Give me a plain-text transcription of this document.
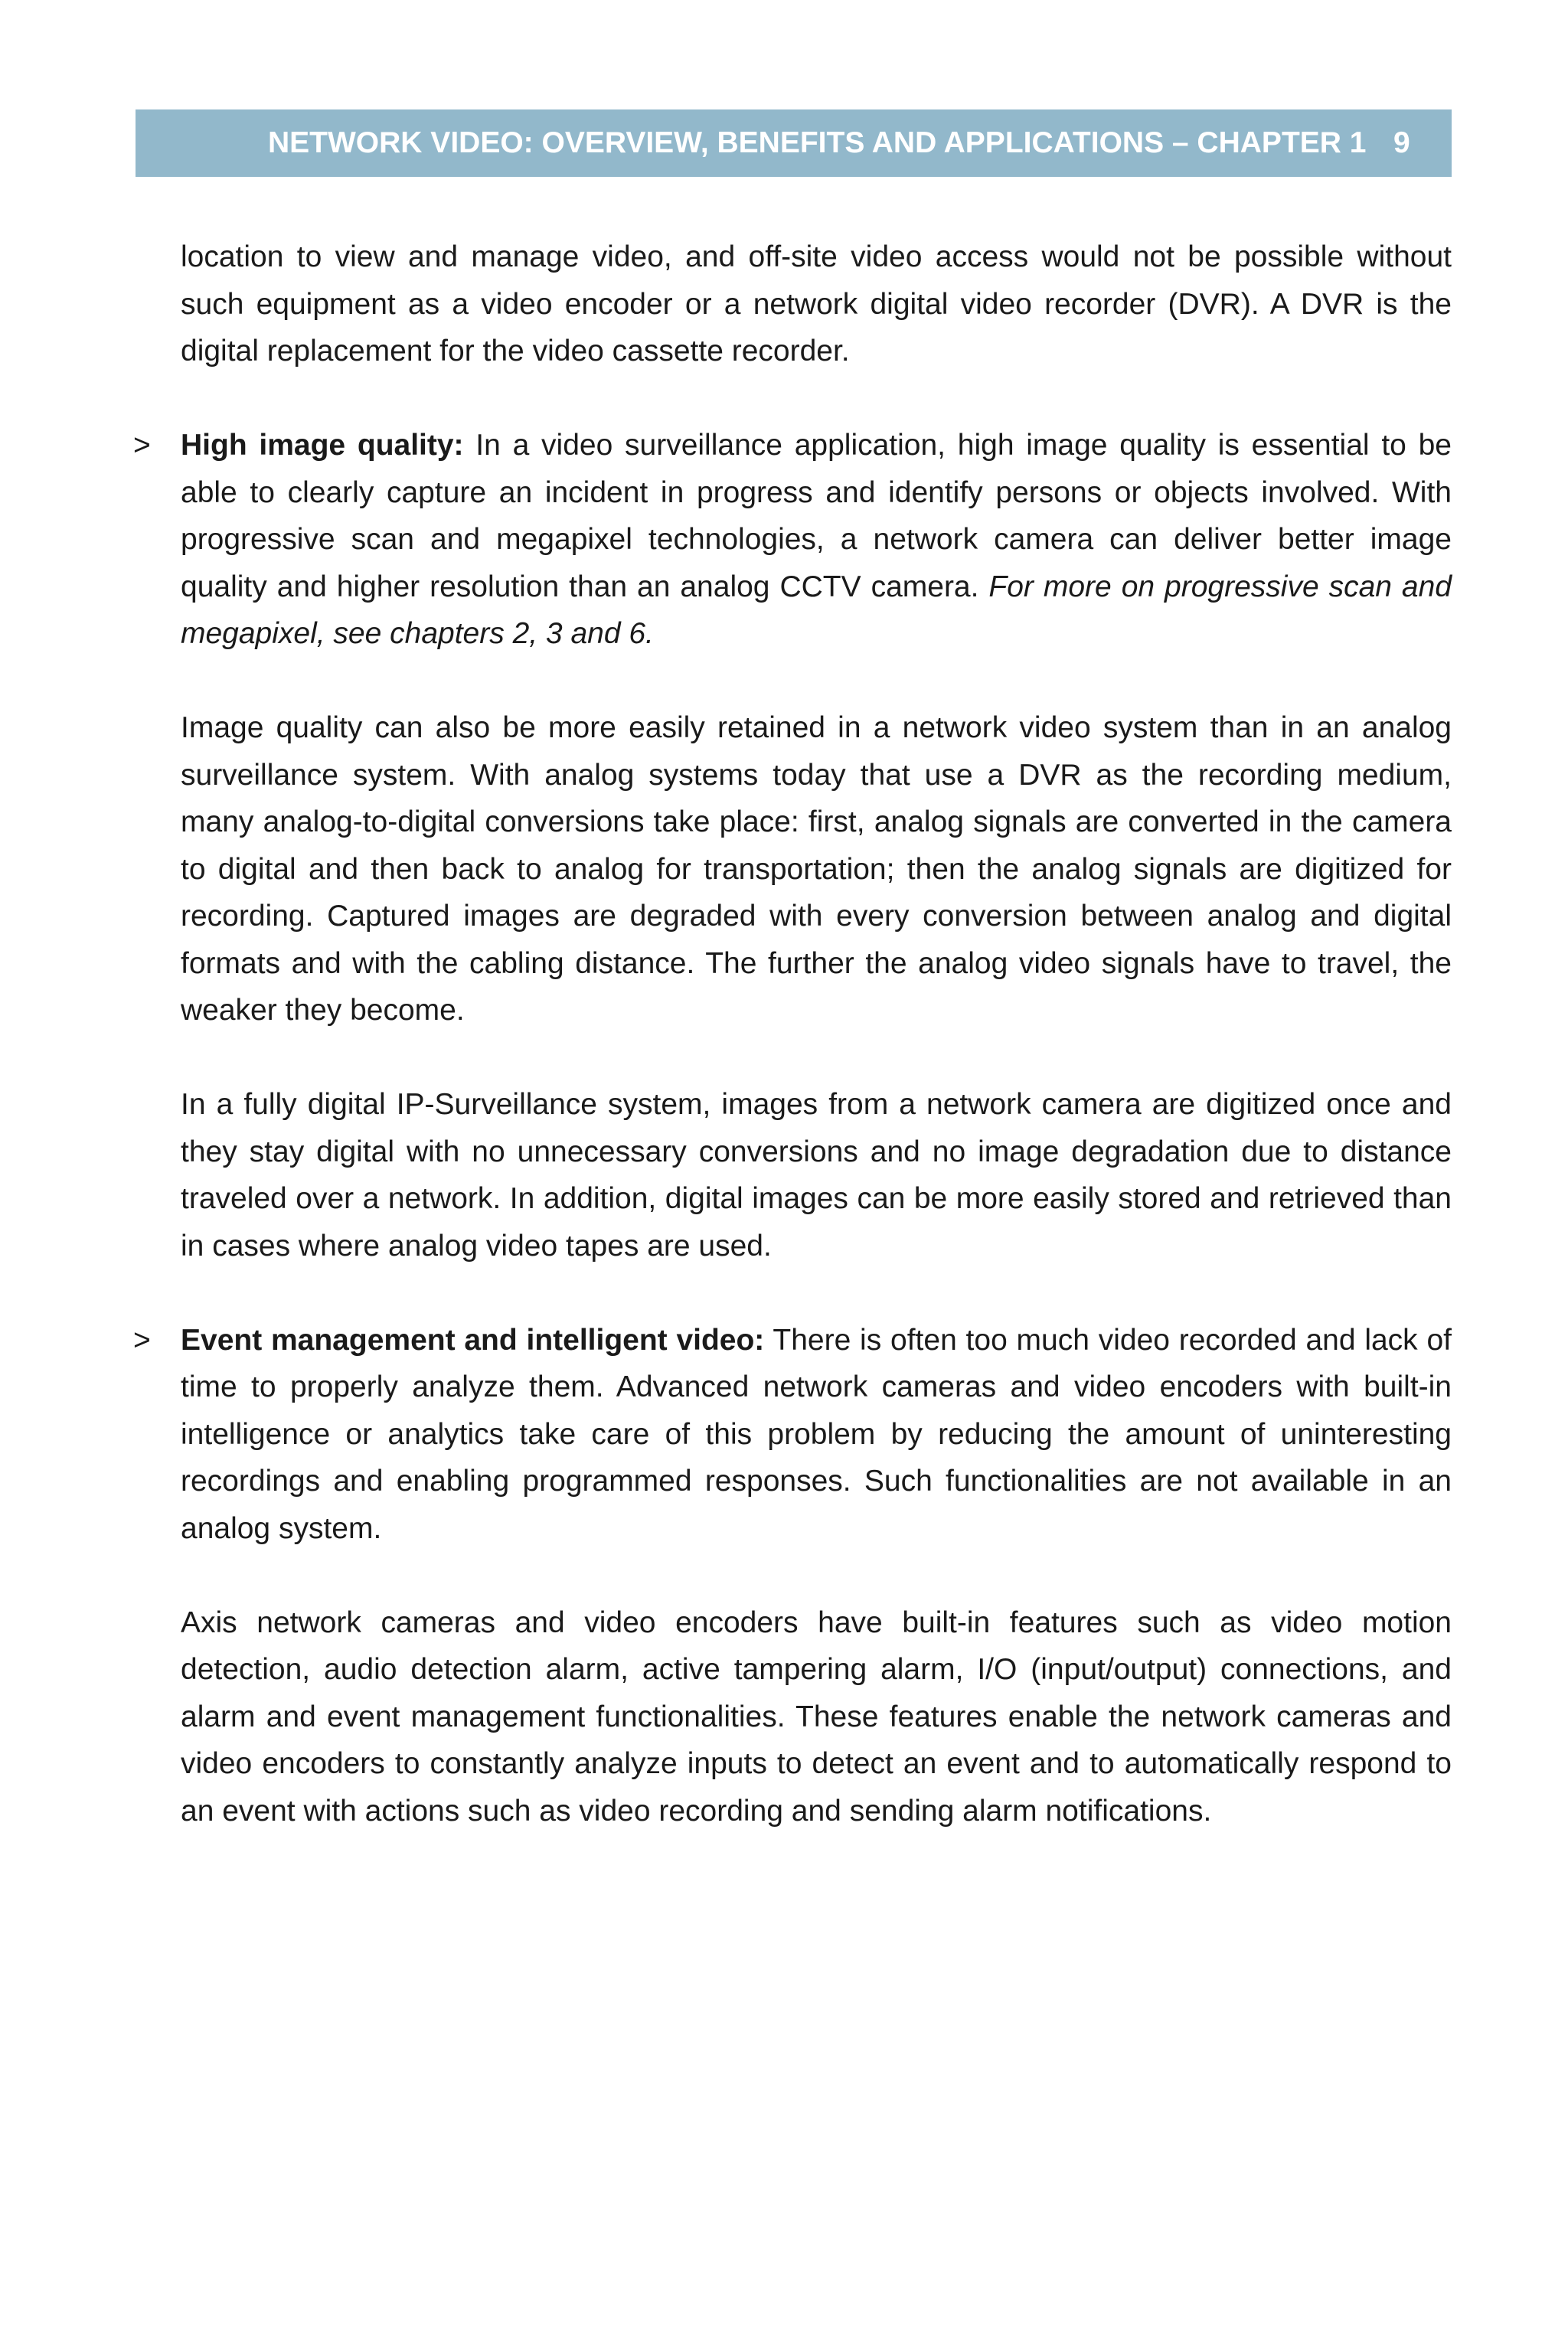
NETWORK VIDEO: OVERVIEW, BENEFITS AND APPLICATIONS – CHAPTER 1 9

location to view and manage video, and off-site video access would not be possible without such equipment as a video encoder or a network digital video recorder (DVR). A DVR is the digital replacement for the video cassette recorder.

> High image quality: In a video surveillance application, high image quality is essential to be able to clearly capture an incident in progress and identify persons or objects involved. With progressive scan and megapixel technologies, a network camera can deliver better image quality and higher resolution than an analog CCTV camera. For more on progressive scan and megapixel, see chapters 2, 3 and 6.

Image quality can also be more easily retained in a network video system than in an analog surveillance system. With analog systems today that use a DVR as the recording medium, many analog-to-digital conversions take place: first, analog signals are converted in the camera to digital and then back to analog for transportation; then the analog signals are digitized for recording. Captured images are degraded with every conversion between analog and digital formats and with the cabling distance. The further the analog video signals have to travel, the weaker they become.

In a fully digital IP-Surveillance system, images from a network camera are digitized once and they stay digital with no unnecessary conversions and no image degradation due to distance traveled over a network. In addition, digital images can be more easily stored and retrieved than in cases where analog video tapes are used.

> Event management and intelligent video: There is often too much video recorded and lack of time to properly analyze them. Advanced network cameras and video encoders with built-in intelligence or analytics take care of this problem by reducing the amount of uninteresting recordings and enabling programmed responses. Such functionalities are not available in an analog system.

Axis network cameras and video encoders have built-in features such as video motion detection, audio detection alarm, active tampering alarm, I/O (input/output) connections, and alarm and event management functionalities. These features enable the network cameras and video encoders to constantly analyze inputs to detect an event and to automatically respond to an event with actions such as video recording and sending alarm notifications.
